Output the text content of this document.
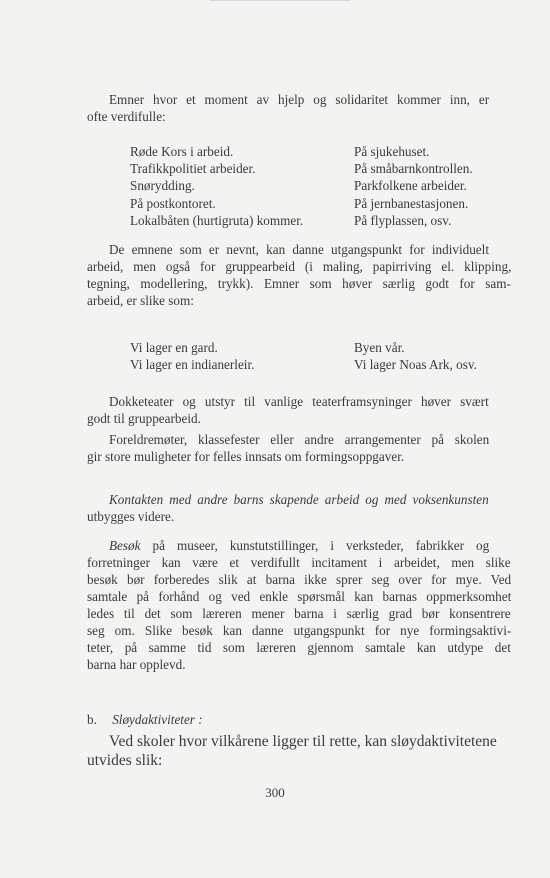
Emner hvor et moment av hjelp og solidaritet kommer inn, er
ofte verdifulle:
Røde Kors i arbeid.
Trafikkpolitiet arbeider.
Snørydding.
På postkontoret.
Lokalbåten (hurtigruta) kommer.
På sjukehuset.
På småbarnkontrollen.
Parkfolkene arbeider.
På jernbanestasjonen.
På flyplassen, osv.
De emnene som er nevnt, kan danne utgangspunkt for individuelt
arbeid, men også for gruppearbeid (i maling, papirriving el. klipping,
tegning, modellering, trykk). Emner som høver særlig godt for sam-
arbeid, er slike som:
Vi lager en gard.
Vi lager en indianerleir.
Byen vår.
Vi lager Noas Ark, osv.
Dokketeater og utstyr til vanlige teaterframsyninger høver svært
godt til gruppearbeid.
Foreldremøter, klassefester eller andre arrangementer på skolen
gir store muligheter for felles innsats om formingsoppgaver.
Kontakten med andre barns skapende arbeid og med voksenkunsten
utbygges videre.
Besøk på museer, kunstutstillinger, i verksteder, fabrikker og
forretninger kan være et verdifullt incitament i arbeidet, men slike
besøk bør forberedes slik at barna ikke sprer seg over for mye. Ved
samtale på forhånd og ved enkle spørsmål kan barnas oppmerksomhet
ledes til det som læreren mener barna i særlig grad bør konsentrere
seg om. Slike besøk kan danne utgangspunkt for nye formingsaktivi-
teter, på samme tid som læreren gjennom samtale kan utdype det
barna har opplevd.
b. Sløydaktiviteter :
Ved skoler hvor vilkårene ligger til rette, kan sløydaktivitetene
utvides slik:
300
